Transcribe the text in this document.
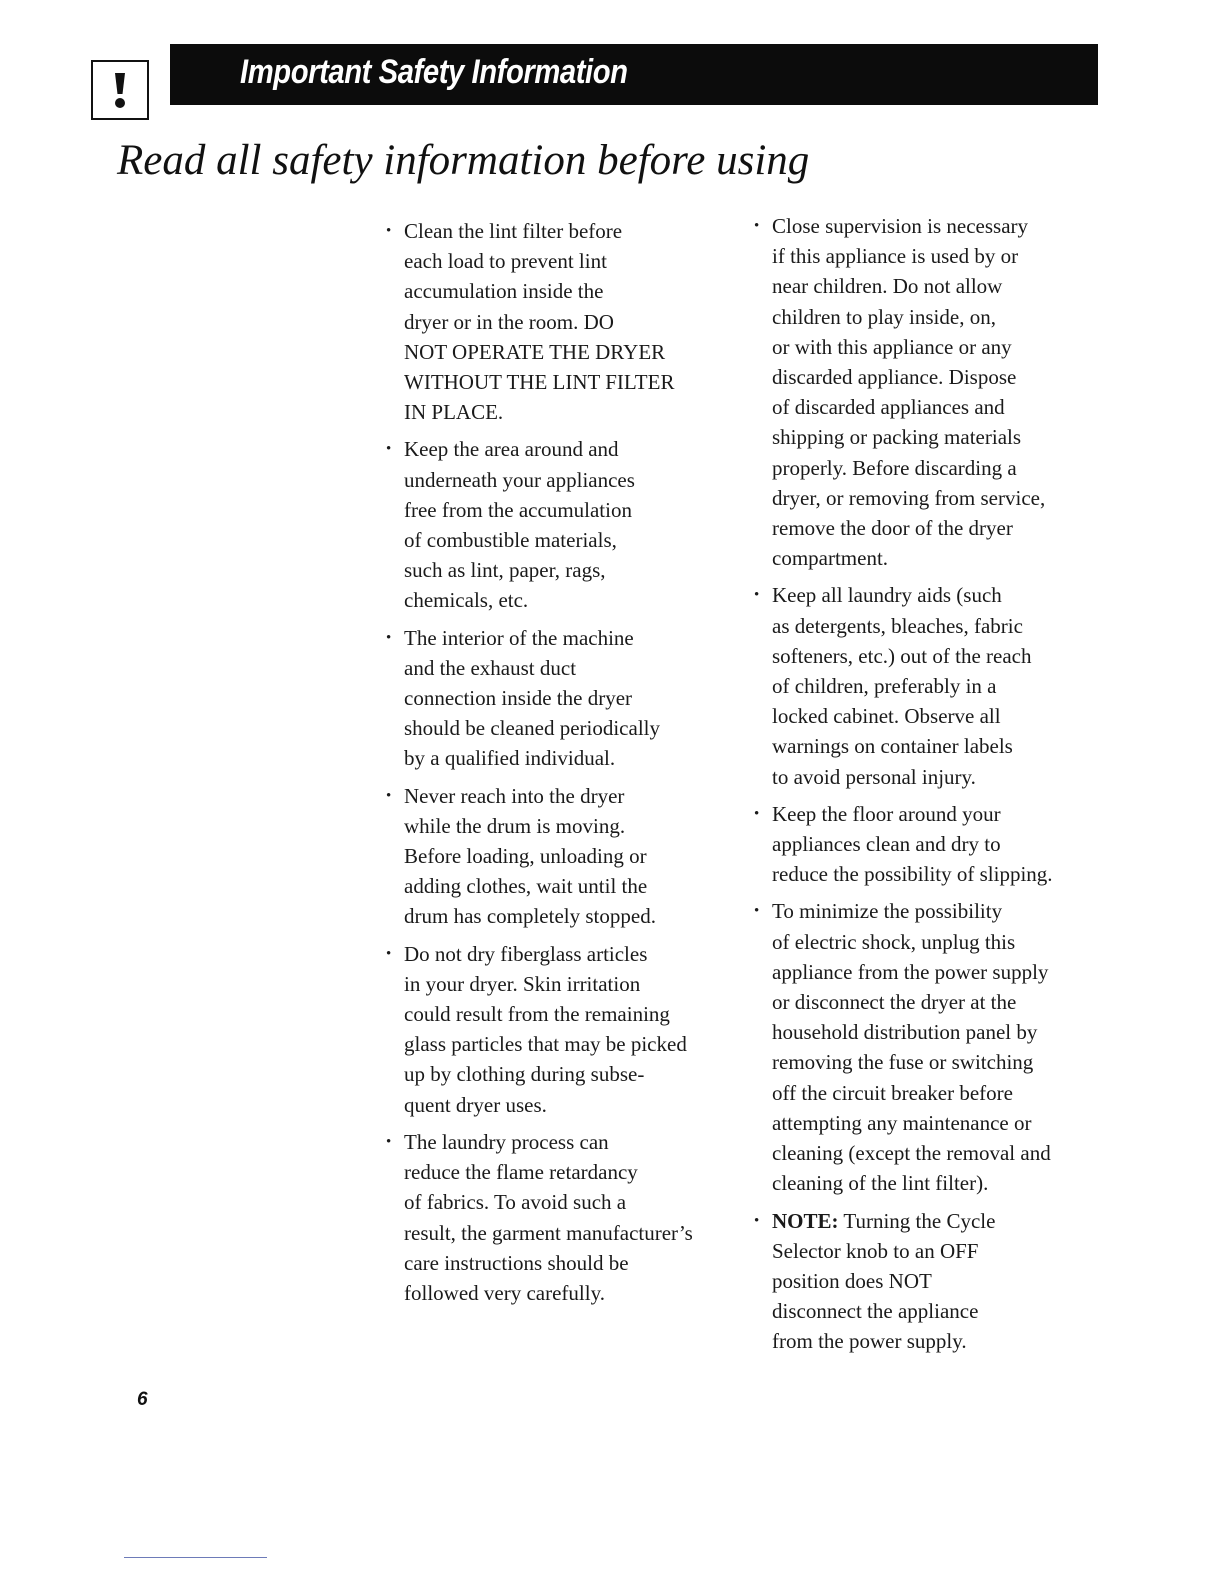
Important Safety Information
Read all safety information before using
• Clean the lint filter before
each load to prevent lint
accumulation inside the
dryer or in the room. DO
NOT OPERATE THE DRYER
WITHOUT THE LINT FILTER
IN PLACE.
• Keep the area around and
underneath your appliances
free from the accumulation
of combustible materials,
such as lint, paper, rags,
chemicals, etc.
• The interior of the machine
and the exhaust duct
connection inside the dryer
should be cleaned periodically
by a qualified individual.
• Never reach into the dryer
while the drum is moving.
Before loading, unloading or
adding clothes, wait until the
drum has completely stopped.
• Do not dry fiberglass articles
in your dryer. Skin irritation
could result from the remaining
glass particles that may be picked
up by clothing during subse-
quent dryer uses.
• The laundry process can
reduce the flame retardancy
of fabrics. To avoid such a
result, the garment manufacturer’s
care instructions should be
followed very carefully.
• Close supervision is necessary
if this appliance is used by or
near children. Do not allow
children to play inside, on,
or with this appliance or any
discarded appliance. Dispose
of discarded appliances and
shipping or packing materials
properly. Before discarding a
dryer, or removing from service,
remove the door of the dryer
compartment.
• Keep all laundry aids (such
as detergents, bleaches, fabric
softeners, etc.) out of the reach
of children, preferably in a
locked cabinet. Observe all
warnings on container labels
to avoid personal injury.
• Keep the floor around your
appliances clean and dry to
reduce the possibility of slipping.
• To minimize the possibility
of electric shock, unplug this
appliance from the power supply
or disconnect the dryer at the
household distribution panel by
removing the fuse or switching
off the circuit breaker before
attempting any maintenance or
cleaning (except the removal and
cleaning of the lint filter).
• NOTE: Turning the Cycle
Selector knob to an OFF
position does NOT
disconnect the appliance
from the power supply.
6
